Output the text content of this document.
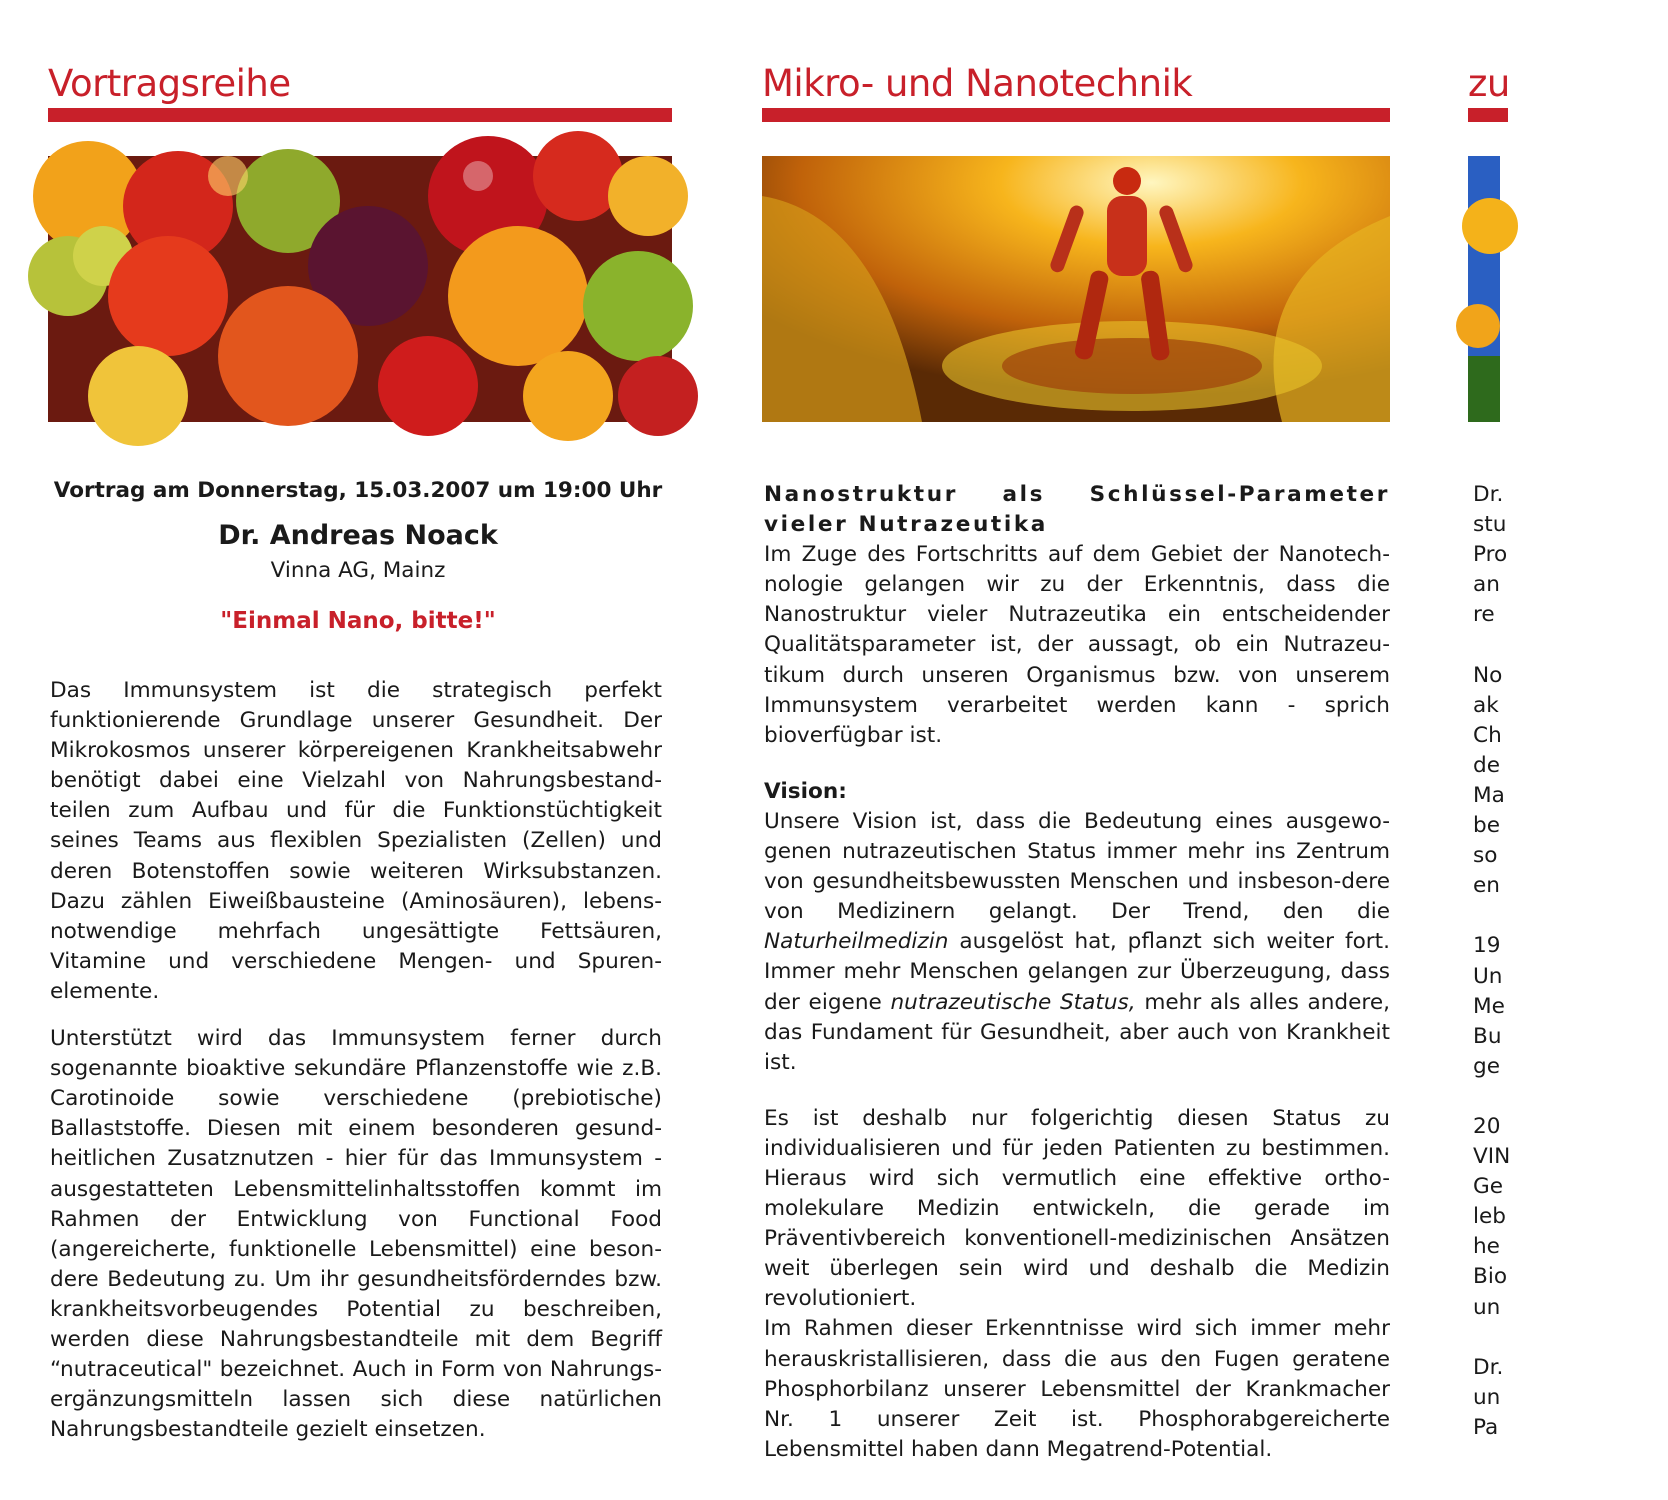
Vortragsreihe
Vortrag am Donnerstag, 15.03.2007 um 19:00 Uhr
Dr. Andreas Noack
Vinna AG, Mainz
"Einmal Nano, bitte!"

Das Immunsystem ist die strategisch perfekt funktionierende Grundlage unserer Gesundheit. Der Mikrokosmos unserer körpereigenen Krankheitsabwehr benötigt dabei eine Vielzahl von Nahrungsbestand-teilen zum Aufbau und für die Funktionstüchtigkeit seines Teams aus flexiblen Spezialisten (Zellen) und deren Botenstoffen sowie weiteren Wirksubstanzen. Dazu zählen Eiweißbausteine (Aminosäuren), lebens-notwendige mehrfach ungesättigte Fettsäuren, Vitamine und verschiedene Mengen- und Spuren-elemente.

Unterstützt wird das Immunsystem ferner durch sogenannte bioaktive sekundäre Pflanzenstoffe wie z.B. Carotinoide sowie verschiedene (prebiotische) Ballaststoffe. Diesen mit einem besonderen gesund-heitlichen Zusatznutzen - hier für das Immunsystem - ausgestatteten Lebensmittelinhaltsstoffen kommt im Rahmen der Entwicklung von Functional Food (angereicherte, funktionelle Lebensmittel) eine beson-dere Bedeutung zu. Um ihr gesundheitsförderndes bzw. krankheitsvorbeugendes Potential zu beschreiben, werden diese Nahrungsbestandteile mit dem Begriff “nutraceutical" bezeichnet. Auch in Form von Nahrungs-ergänzungsmitteln lassen sich diese natürlichen Nahrungsbestandteile gezielt einsetzen.

Mikro- und Nanotechnik

Nanostruktur als Schlüssel-Parameter vieler Nutrazeutika

Im Zuge des Fortschritts auf dem Gebiet der Nanotech-nologie gelangen wir zu der Erkenntnis, dass die Nanostruktur vieler Nutrazeutika ein entscheidender Qualitätsparameter ist, der aussagt, ob ein Nutrazeu-tikum durch unseren Organismus bzw. von unserem Immunsystem verarbeitet werden kann - sprich bioverfügbar ist.

Vision:

Unsere Vision ist, dass die Bedeutung eines ausgewo-genen nutrazeutischen Status immer mehr ins Zentrum von gesundheitsbewussten Menschen und insbeson-dere von Medizinern gelangt. Der Trend, den die Naturheilmedizin ausgelöst hat, pflanzt sich weiter fort. Immer mehr Menschen gelangen zur Überzeugung, dass der eigene nutrazeutische Status, mehr als alles andere, das Fundament für Gesundheit, aber auch von Krankheit ist.

Es ist deshalb nur folgerichtig diesen Status zu individualisieren und für jeden Patienten zu bestimmen. Hieraus wird sich vermutlich eine effektive ortho-molekulare Medizin entwickeln, die gerade im Präventivbereich konventionell-medizinischen Ansätzen weit überlegen sein wird und deshalb die Medizin revolutioniert.

Im Rahmen dieser Erkenntnisse wird sich immer mehr herauskristallisieren, dass die aus den Fugen geratene Phosphorbilanz unserer Lebensmittel der Krankmacher Nr. 1 unserer Zeit ist. Phosphorabgereicherte Lebensmittel haben dann Megatrend-Potential.

zu
Dr.
stu
Pro
an
re
No
ak
Ch
de
Ma
be
so
en
19
Un
Me
Bu
ge
20
VIN
Ge
leb
he
Bio
un
Dr.
un
Pa
